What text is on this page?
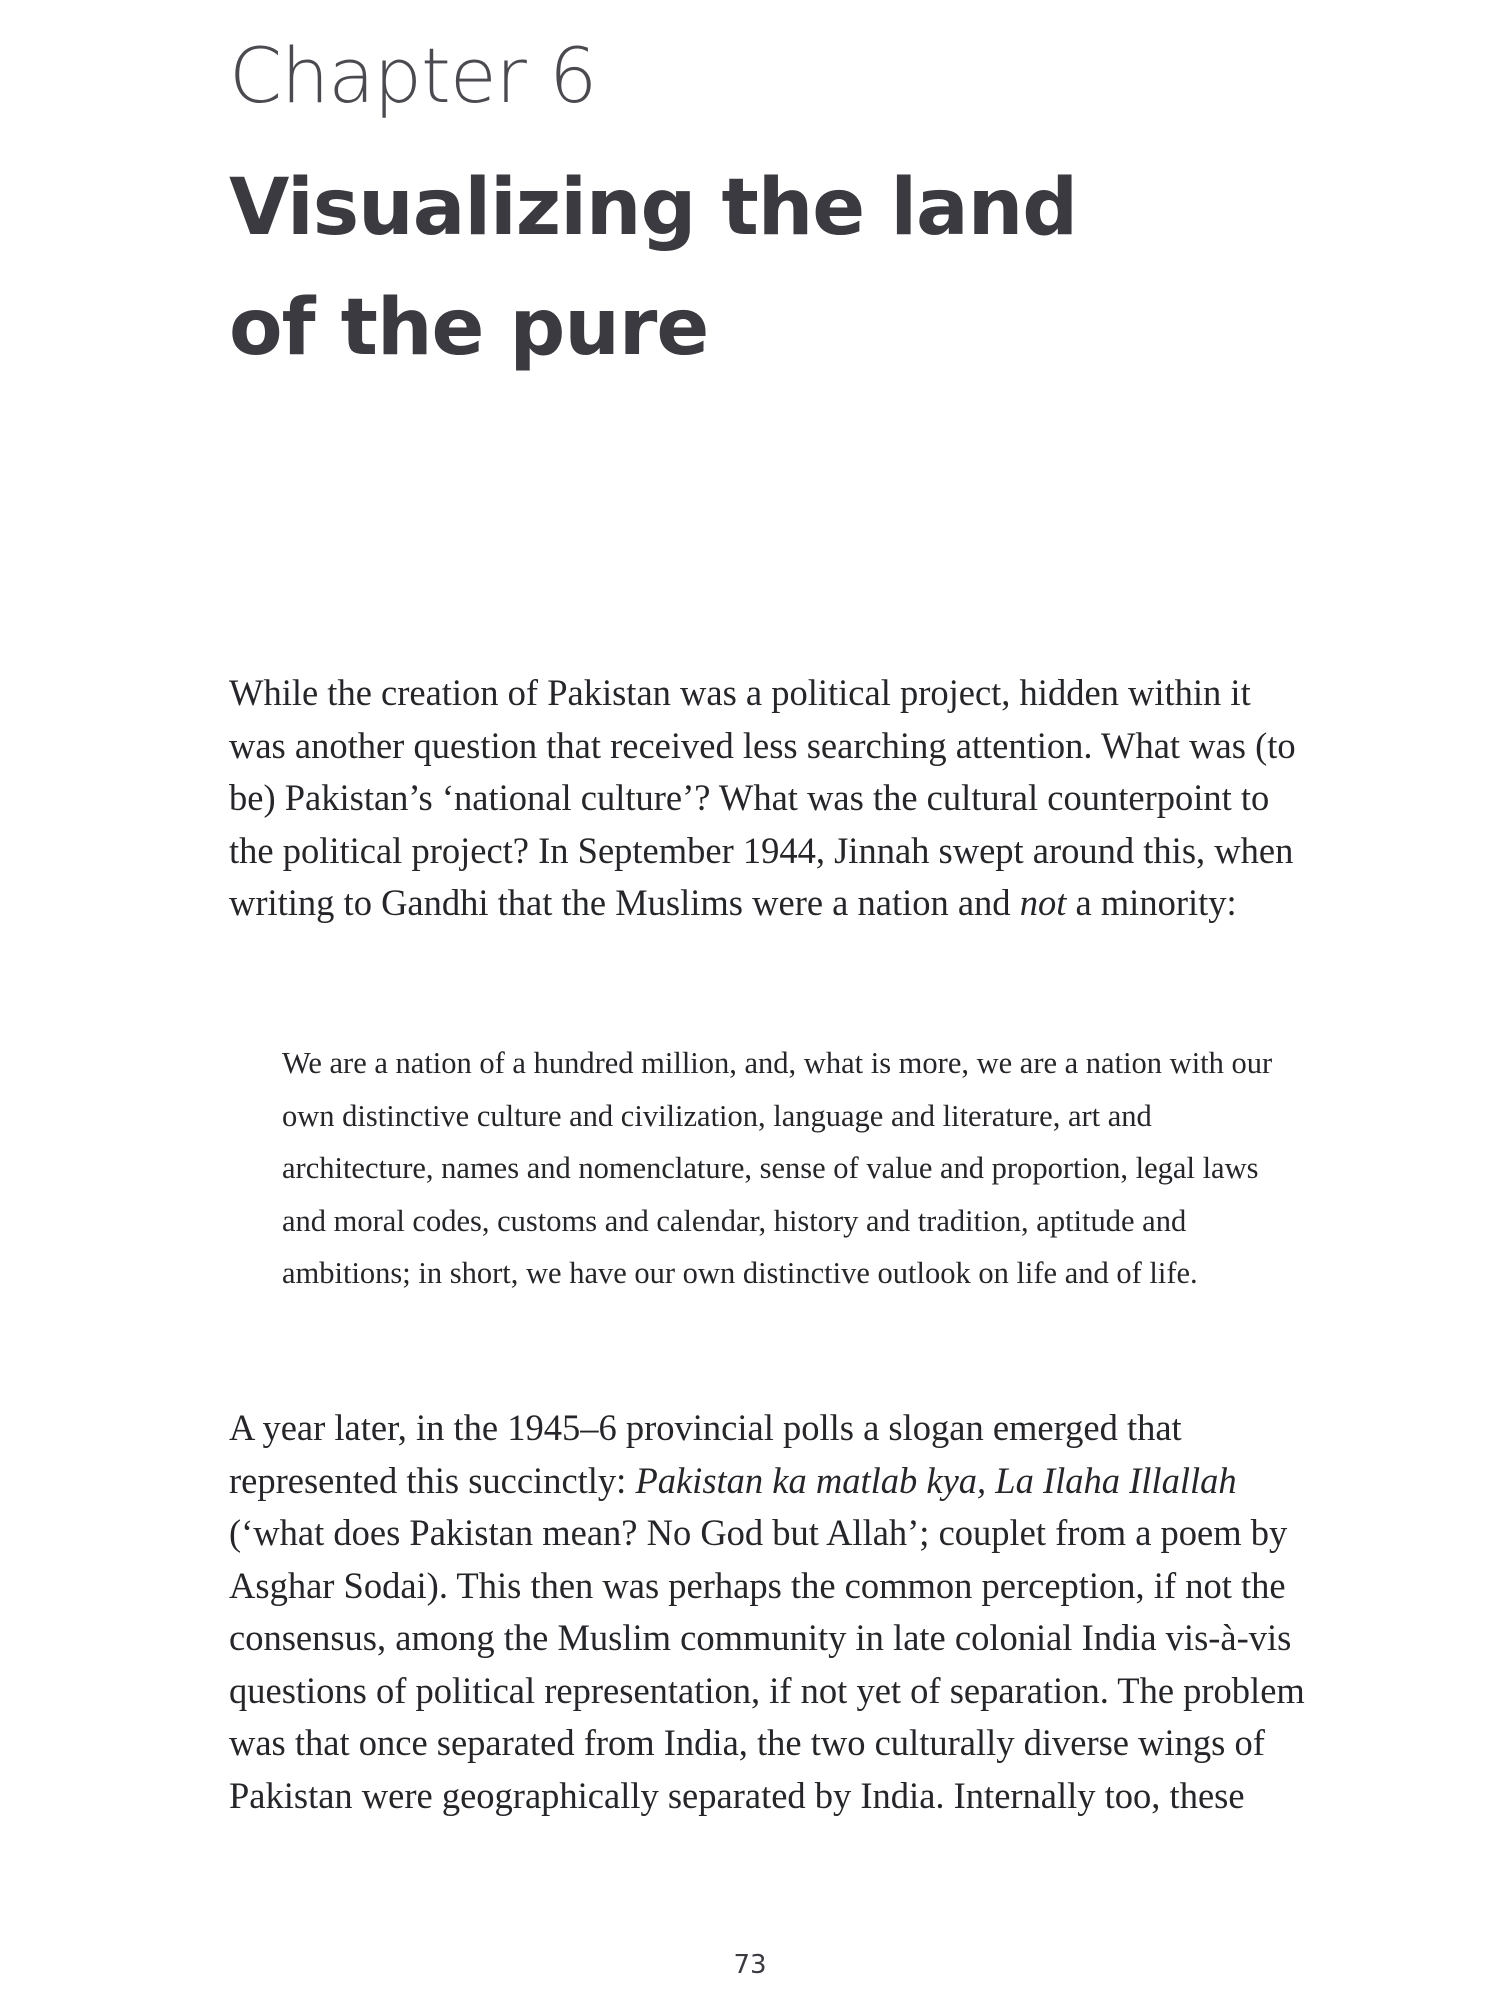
Chapter 6
Visualizing the land
of the pure

While the creation of Pakistan was a political project, hidden within it was another question that received less searching attention. What was (to be) Pakistan’s ‘national culture’? What was the cultural counterpoint to the political project? In September 1944, Jinnah swept around this, when writing to Gandhi that the Muslims were a nation and not a minority:

We are a nation of a hundred million, and, what is more, we are a nation with our own distinctive culture and civilization, language and literature, art and architecture, names and nomenclature, sense of value and proportion, legal laws and moral codes, customs and calendar, history and tradition, aptitude and ambitions; in short, we have our own distinctive outlook on life and of life.

A year later, in the 1945–6 provincial polls a slogan emerged that represented this succinctly: Pakistan ka matlab kya, La Ilaha Illallah (‘what does Pakistan mean? No God but Allah’; couplet from a poem by Asghar Sodai). This then was perhaps the common perception, if not the consensus, among the Muslim community in late colonial India vis-à-vis questions of political representation, if not yet of separation. The problem was that once separated from India, the two culturally diverse wings of Pakistan were geographically separated by India. Internally too, these

73
